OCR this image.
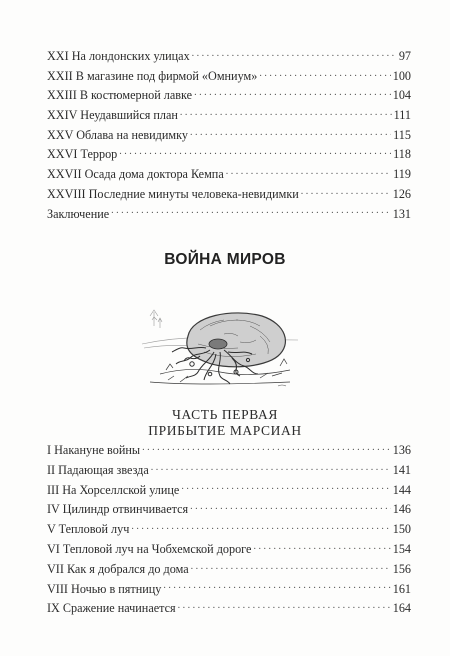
XXI На лондонских улицах . . .	97
XXII В магазине под фирмой «Омниум» . . .	100
XXIII В костюмерной лавке . . .	104
XXIV Неудавшийся план . . .	111
XXV Облава на невидимку . . .	115
XXVI Террор . . .	118
XXVII Осада дома доктора Кемпа . . .	119
XXVIII Последние минуты человека-невидимки . . .	126
Заключение . . .	131
ВОЙНА МИРОВ
ЧАСТЬ ПЕРВАЯ
ПРИБЫТИЕ МАРСИАН
I Накануне войны . . .	136
II Падающая звезда . . .	141
III На Хорселлской улице . . .	144
IV Цилиндр отвинчивается . . .	146
V Тепловой луч . . .	150
VI Тепловой луч на Чобхемской дороге . . .	154
VII Как я добрался до дома . . .	156
VIII Ночью в пятницу . . .	161
IX Сражение начинается . . .	164
